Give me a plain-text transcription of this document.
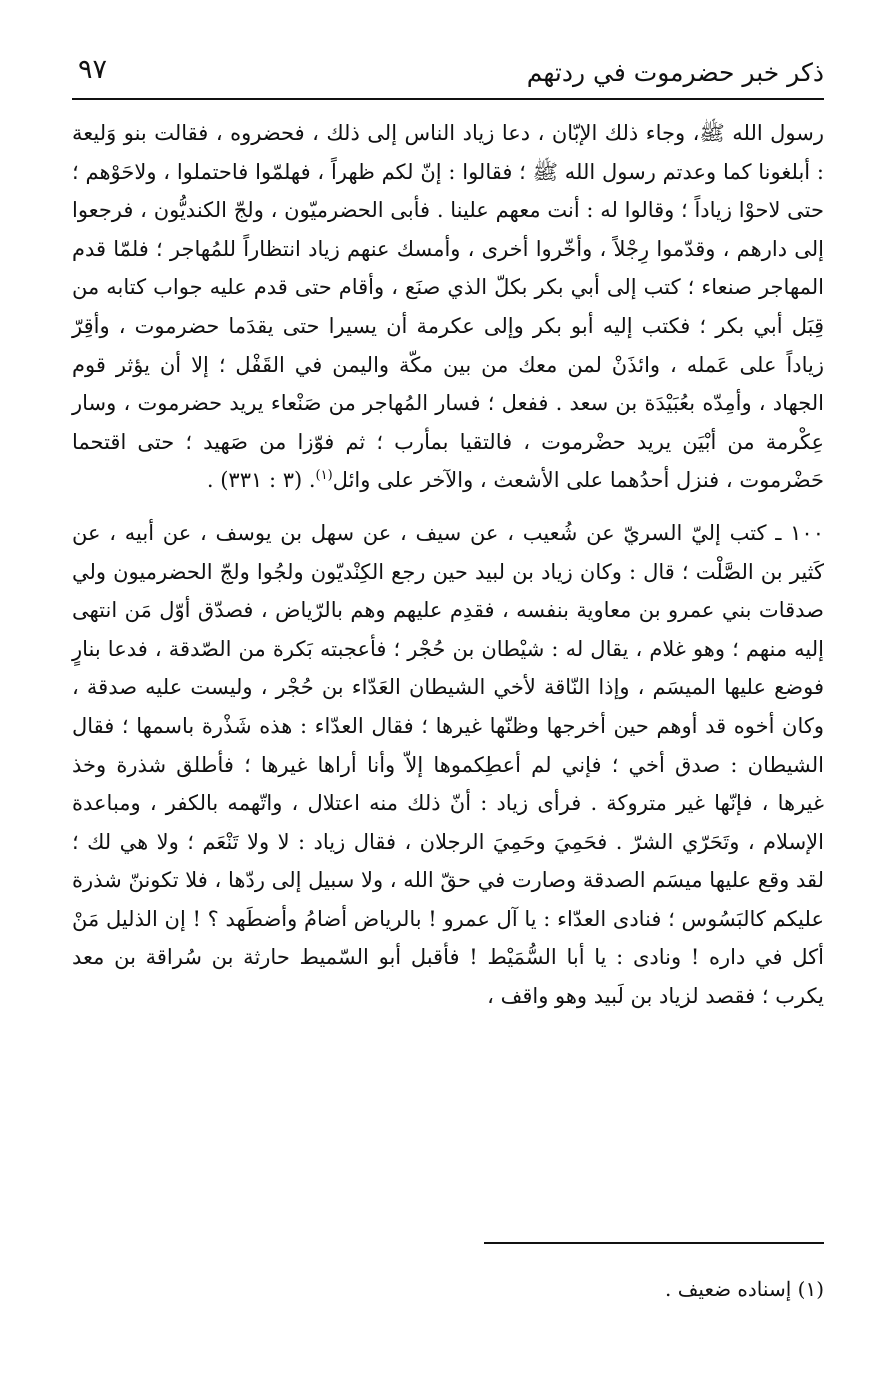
ذكر خبر حضرموت في ردتهم
٩٧

رسول الله ﷺ، وجاء ذلك الإبّان ، دعا زياد الناس إلى ذلك ، فحضروه ، فقالت بنو وَليعة : أبلغونا كما وعدتم رسول الله ﷺ ؛ فقالوا : إنّ لكم ظهراً ، فهلمّوا فاحتملوا ، ولاحَوْهم ؛ حتى لاحوْا زياداً ؛ وقالوا له : أنت معهم علينا . فأبى الحضرميّون ، ولجّ الكنديُّون ، فرجعوا إلى دارهم ، وقدّموا رِجْلاً ، وأخّروا أخرى ، وأمسك عنهم زياد انتظاراً للمُهاجر ؛ فلمّا قدم المهاجر صنعاء ؛ كتب إلى أبي بكر بكلّ الذي صنَع ، وأقام حتى قدم عليه جواب كتابه من قِبَل أبي بكر ؛ فكتب إليه أبو بكر وإلى عكرمة أن يسيرا حتى يقدَما حضرموت ، وأقِرّ زياداً على عَمله ، وائذَنْ لمن معك من بين مكّة واليمن في القَفْل ؛ إلا أن يؤثر قوم الجهاد ، وأمِدّه بعُبَيْدَة بن سعد . ففعل ؛ فسار المُهاجر من صَنْعاء يريد حضرموت ، وسار عِكْرمة من أبْيَن يريد حضْرموت ، فالتقيا بمأرب ؛ ثم فوّزا من صَهيد ؛ حتى اقتحما حَضْرموت ، فنزل أحدُهما على الأشعث ، والآخر على وائل$^{(١)}$. (٣ : ٣٣١) .

١٠٠ ـ كتب إليّ السريّ عن شُعيب ، عن سيف ، عن سهل بن يوسف ، عن أبيه ، عن كَثير بن الصَّلْت ؛ قال : وكان زياد بن لبيد حين رجع الكِنْديّون ولجُوا ولجّ الحضرميون ولي صدقات بني عمرو بن معاوية بنفسه ، فقدِم عليهم وهم بالرّياض ، فصدّق أوّل مَن انتهى إليه منهم ؛ وهو غلام ، يقال له : شيْطان بن حُجْر ؛ فأعجبته بَكرة من الصّدقة ، فدعا بنارٍ فوضع عليها الميسَم ، وإذا النّاقة لأخي الشيطان العَدّاء بن حُجْر ، وليست عليه صدقة ، وكان أخوه قد أوهم حين أخرجها وظنّها غيرها ؛ فقال العدّاء : هذه شَذْرة باسمها ؛ فقال الشيطان : صدق أخي ؛ فإني لم أعطِكموها إلاّ وأنا أراها غيرها ؛ فأطلق شذرة وخذ غيرها ، فإنّها غير متروكة . فرأى زياد : أنّ ذلك منه اعتلال ، واتّهمه بالكفر ، ومباعدة الإسلام ، وتَحَرّي الشرّ . فحَمِيَ وحَمِيَ الرجلان ، فقال زياد : لا ولا تَنْعَم ؛ ولا هي لك ؛ لقد وقع عليها ميسَم الصدقة وصارت في حقّ الله ، ولا سبيل إلى ردّها ، فلا تكوننّ شذرة عليكم كالبَسُوس ؛ فنادى العدّاء : يا آل عمرو ! بالرياض أضامُ وأضطَهد ؟ ! إن الذليل مَنْ أكل في داره ! ونادى : يا أبا السُّمَيْط ! فأقبل أبو السّميط حارثة بن سُراقة بن معد يكرب ؛ فقصد لزياد بن لَبيد وهو واقف ،

(١) إسناده ضعيف .
